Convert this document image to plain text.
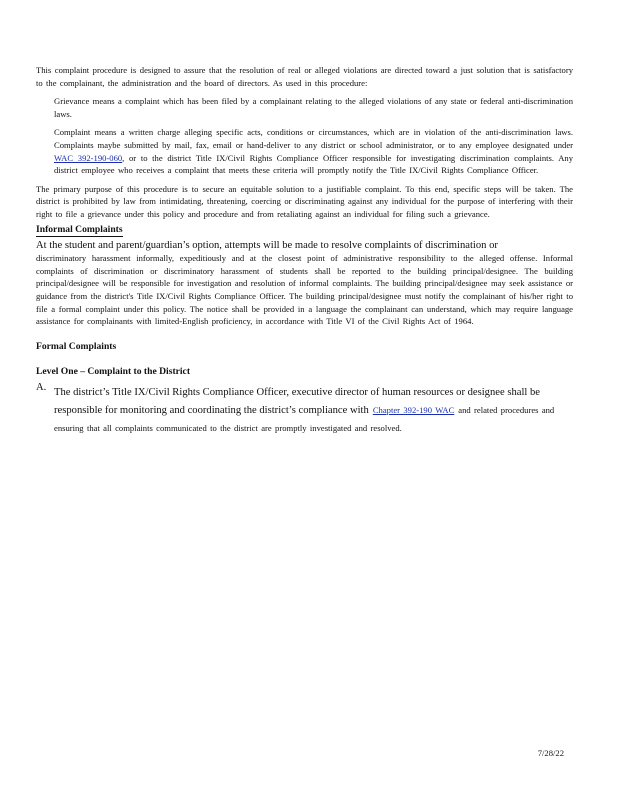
This complaint procedure is designed to assure that the resolution of real or alleged violations are directed toward a just solution that is satisfactory to the complainant, the administration and the board of directors. As used in this procedure:

Grievance means a complaint which has been filed by a complainant relating to the alleged violations of any state or federal anti-discrimination laws.

Complaint means a written charge alleging specific acts, conditions or circumstances, which are in violation of the anti-discrimination laws. Complaints maybe submitted by mail, fax, email or hand-deliver to any district or school administrator, or to any employee designated under WAC 392-190-060, or to the district Title IX/Civil Rights Compliance Officer responsible for investigating discrimination complaints. Any district employee who receives a complaint that meets these criteria will promptly notify the Title IX/Civil Rights Compliance Officer.

The primary purpose of this procedure is to secure an equitable solution to a justifiable complaint. To this end, specific steps will be taken. The district is prohibited by law from intimidating, threatening, coercing or discriminating against any individual for the purpose of interfering with their right to file a grievance under this policy and procedure and from retaliating against an individual for filing such a grievance.

Informal Complaints

At the student and parent/guardian’s option, attempts will be made to resolve complaints of discrimination or

discriminatory harassment informally, expeditiously and at the closest point of administrative responsibility to the alleged offense. Informal complaints of discrimination or discriminatory harassment of students shall be reported to the building principal/designee. The building principal/designee will be responsible for investigation and resolution of informal complaints. The building principal/designee may seek assistance or guidance from the district's Title IX/Civil Rights Compliance Officer. The building principal/designee must notify the complainant of his/her right to file a formal complaint under this policy. The notice shall be provided in a language the complainant can understand, which may require language assistance for complainants with limited-English proficiency, in accordance with Title VI of the Civil Rights Act of 1964.

Formal Complaints

Level One – Complaint to the District

A. The district’s Title IX/Civil Rights Compliance Officer, executive director of human resources or designee shall be responsible for monitoring and coordinating the district’s compliance with Chapter 392-190 WAC and related procedures and ensuring that all complaints communicated to the district are promptly investigated and resolved.
7/28/22
